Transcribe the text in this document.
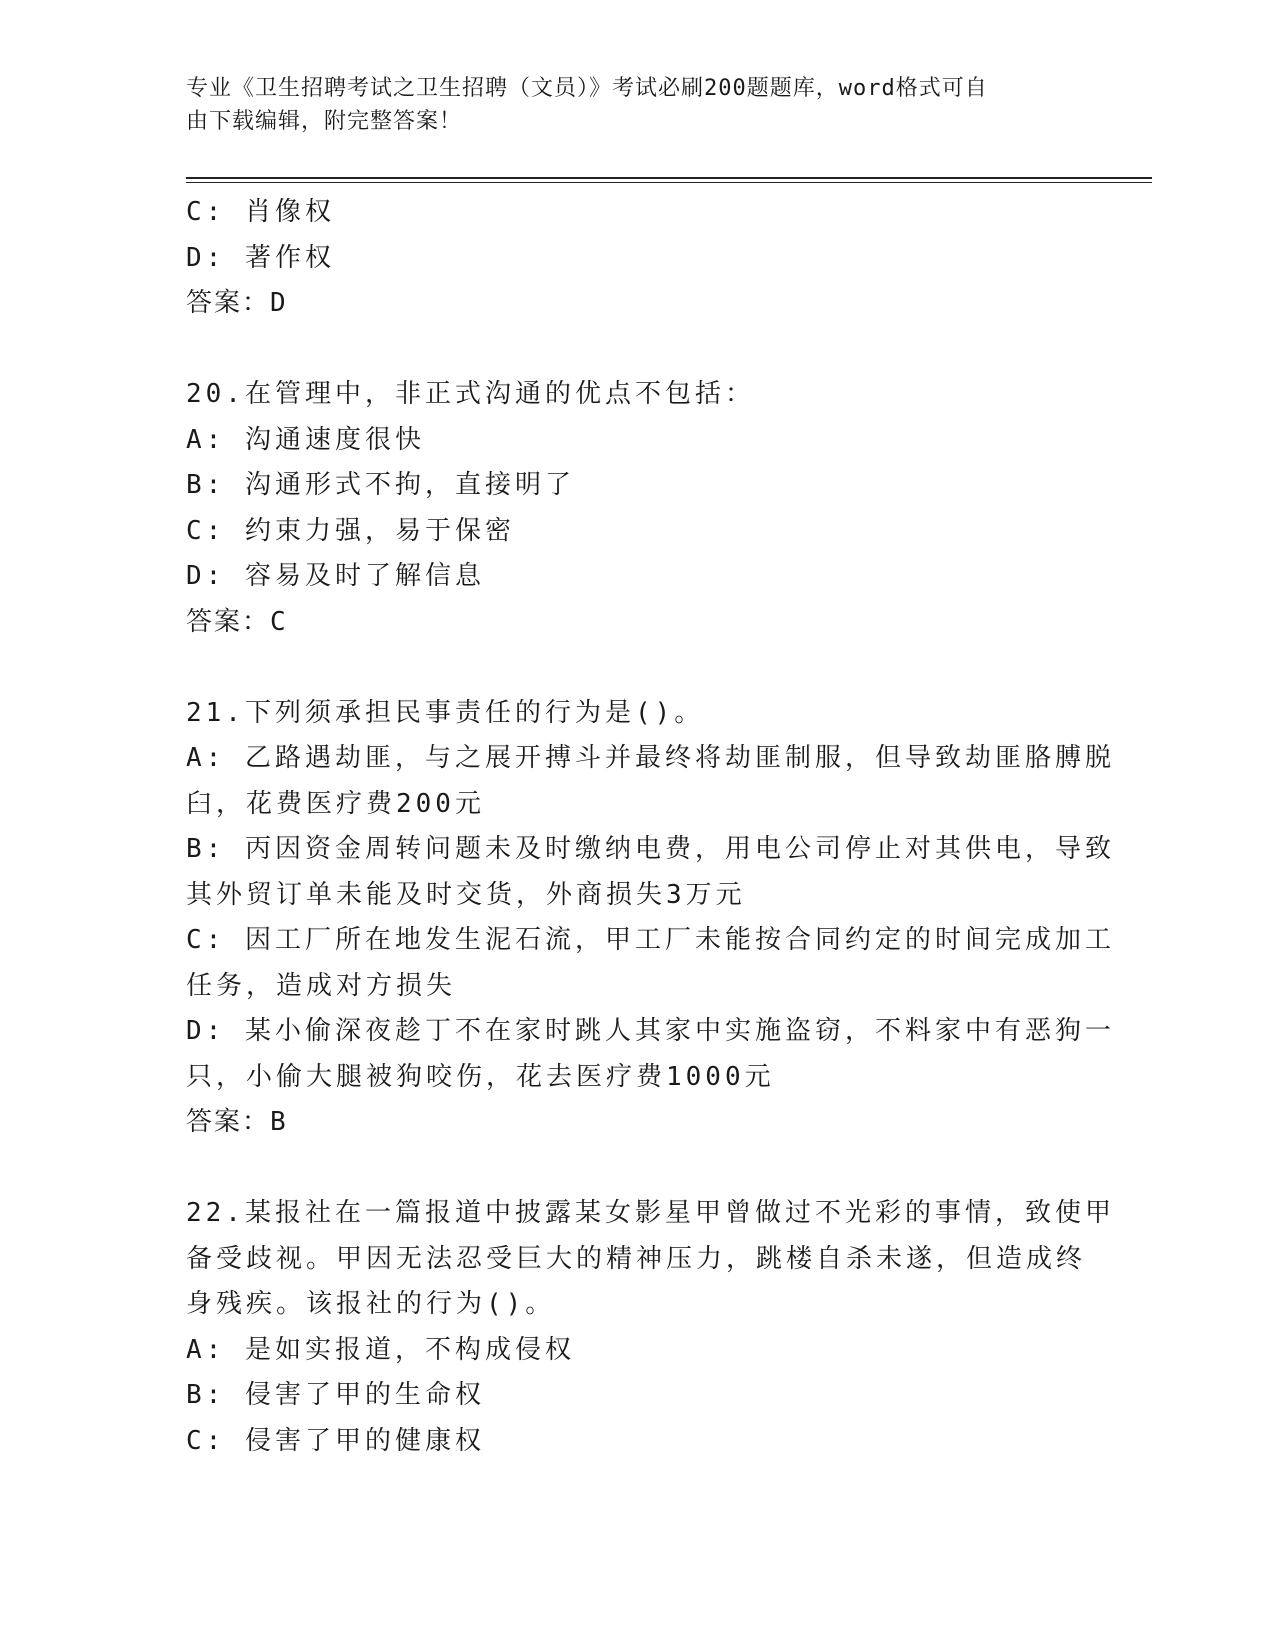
专业《卫生招聘考试之卫生招聘（文员）》考试必刷200题题库，word格式可自

由下载编辑，附完整答案！

C: 肖像权

D: 著作权

答案：D

20.在管理中，非正式沟通的优点不包括：

A: 沟通速度很快

B: 沟通形式不拘，直接明了

C: 约束力强，易于保密

D: 容易及时了解信息

答案：C

21.下列须承担民事责任的行为是()。

A: 乙路遇劫匪，与之展开搏斗并最终将劫匪制服，但导致劫匪胳膊脱

臼，花费医疗费200元

B: 丙因资金周转问题未及时缴纳电费，用电公司停止对其供电，导致

其外贸订单未能及时交货，外商损失3万元

C: 因工厂所在地发生泥石流，甲工厂未能按合同约定的时间完成加工

任务，造成对方损失

D: 某小偷深夜趁丁不在家时跳人其家中实施盗窃，不料家中有恶狗一

只，小偷大腿被狗咬伤，花去医疗费1000元

答案：B

22.某报社在一篇报道中披露某女影星甲曾做过不光彩的事情，致使甲

备受歧视。甲因无法忍受巨大的精神压力，跳楼自杀未遂，但造成终

身残疾。该报社的行为()。

A: 是如实报道，不构成侵权

B: 侵害了甲的生命权

C: 侵害了甲的健康权
